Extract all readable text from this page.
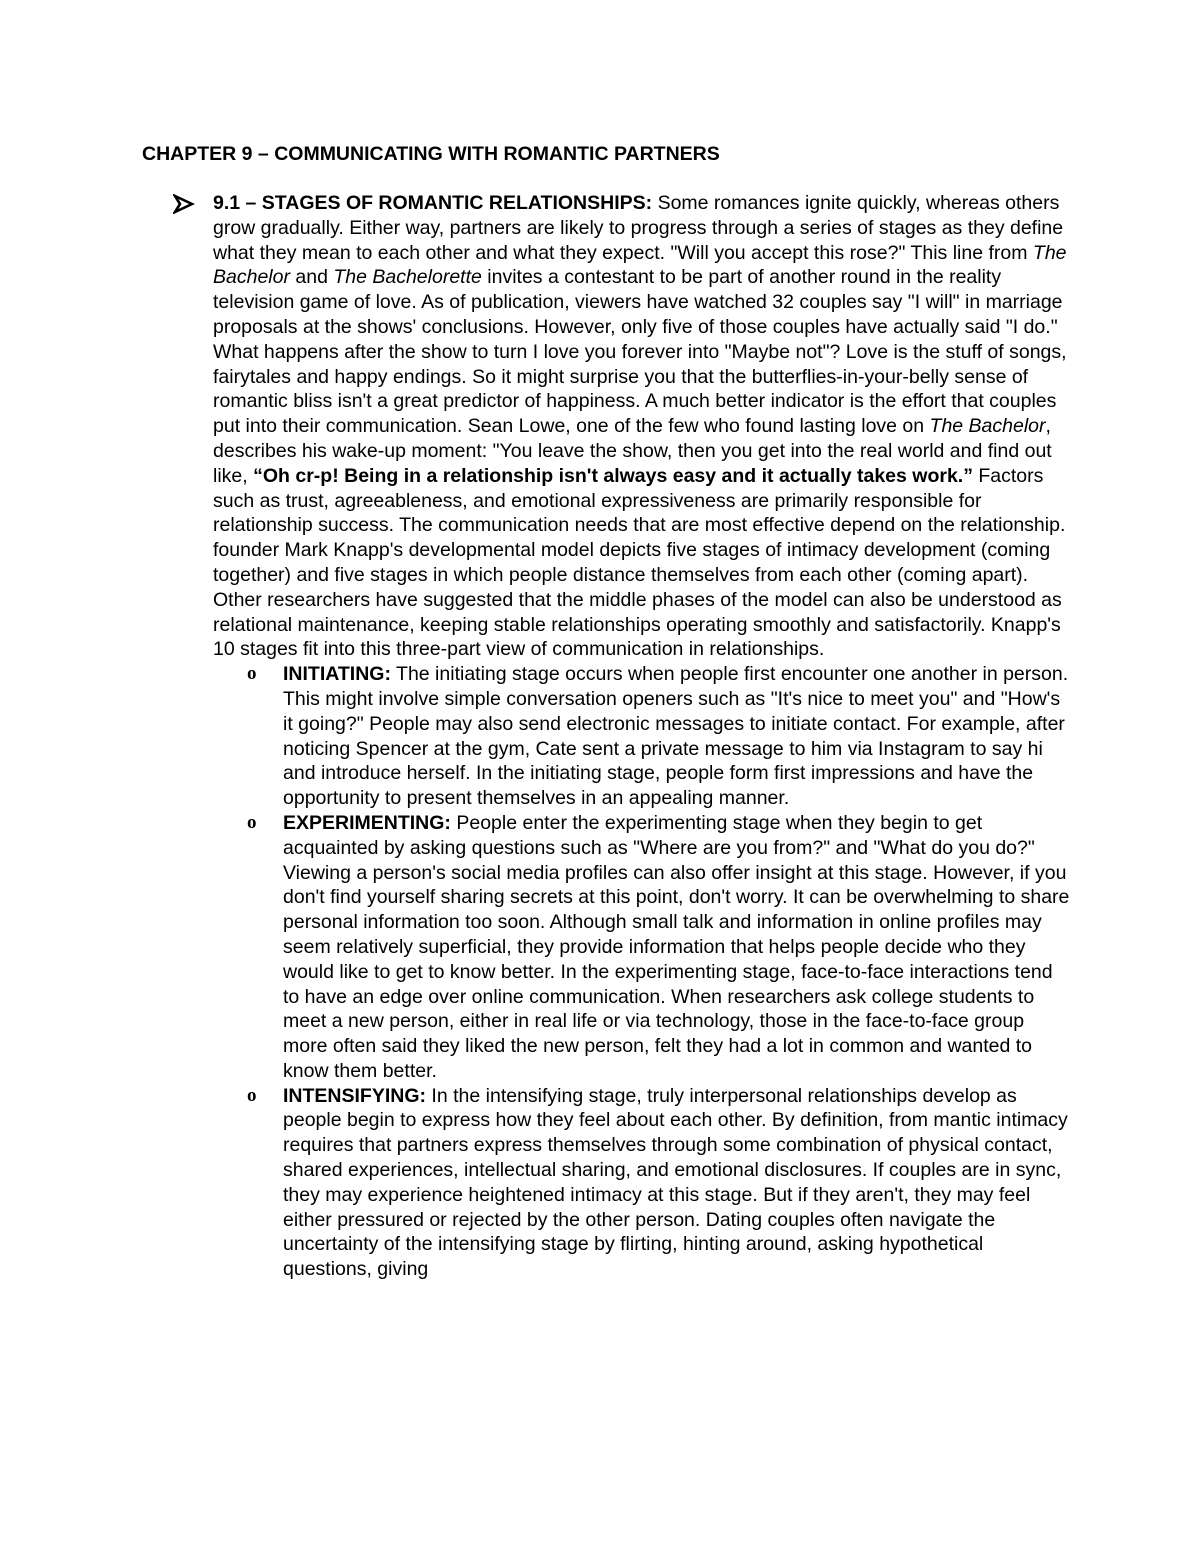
CHAPTER 9 – COMMUNICATING WITH ROMANTIC PARTNERS

9.1 – STAGES OF ROMANTIC RELATIONSHIPS: Some romances ignite quickly, whereas others grow gradually. Either way, partners are likely to progress through a series of stages as they define what they mean to each other and what they expect. "Will you accept this rose?" This line from The Bachelor and The Bachelorette invites a contestant to be part of another round in the reality television game of love. As of publication, viewers have watched 32 couples say "I will" in marriage proposals at the shows' conclusions. However, only five of those couples have actually said "I do." What happens after the show to turn I love you forever into "Maybe not"? Love is the stuff of songs, fairytales and happy endings. So it might surprise you that the butterflies-in-your-belly sense of romantic bliss isn't a great predictor of happiness. A much better indicator is the effort that couples put into their communication. Sean Lowe, one of the few who found lasting love on The Bachelor, describes his wake-up moment: "You leave the show, then you get into the real world and find out like, “Oh cr-p! Being in a relationship isn't always easy and it actually takes work.” Factors such as trust, agreeableness, and emotional expressiveness are primarily responsible for relationship success. The communication needs that are most effective depend on the relationship. founder Mark Knapp's developmental model depicts five stages of intimacy development (coming together) and five stages in which people distance themselves from each other (coming apart). Other researchers have suggested that the middle phases of the model can also be understood as relational maintenance, keeping stable relationships operating smoothly and satisfactorily. Knapp's 10 stages fit into this three-part view of communication in relationships.

o INITIATING: The initiating stage occurs when people first encounter one another in person. This might involve simple conversation openers such as "It's nice to meet you" and "How's it going?" People may also send electronic messages to initiate contact. For example, after noticing Spencer at the gym, Cate sent a private message to him via Instagram to say hi and introduce herself. In the initiating stage, people form first impressions and have the opportunity to present themselves in an appealing manner.

o EXPERIMENTING: People enter the experimenting stage when they begin to get acquainted by asking questions such as "Where are you from?" and "What do you do?" Viewing a person's social media profiles can also offer insight at this stage. However, if you don't find yourself sharing secrets at this point, don't worry. It can be overwhelming to share personal information too soon. Although small talk and information in online profiles may seem relatively superficial, they provide information that helps people decide who they would like to get to know better. In the experimenting stage, face-to-face interactions tend to have an edge over online communication. When researchers ask college students to meet a new person, either in real life or via technology, those in the face-to-face group more often said they liked the new person, felt they had a lot in common and wanted to know them better.

o INTENSIFYING: In the intensifying stage, truly interpersonal relationships develop as people begin to express how they feel about each other. By definition, from mantic intimacy requires that partners express themselves through some combination of physical contact, shared experiences, intellectual sharing, and emotional disclosures. If couples are in sync, they may experience heightened intimacy at this stage. But if they aren't, they may feel either pressured or rejected by the other person. Dating couples often navigate the uncertainty of the intensifying stage by flirting, hinting around, asking hypothetical questions, giving
